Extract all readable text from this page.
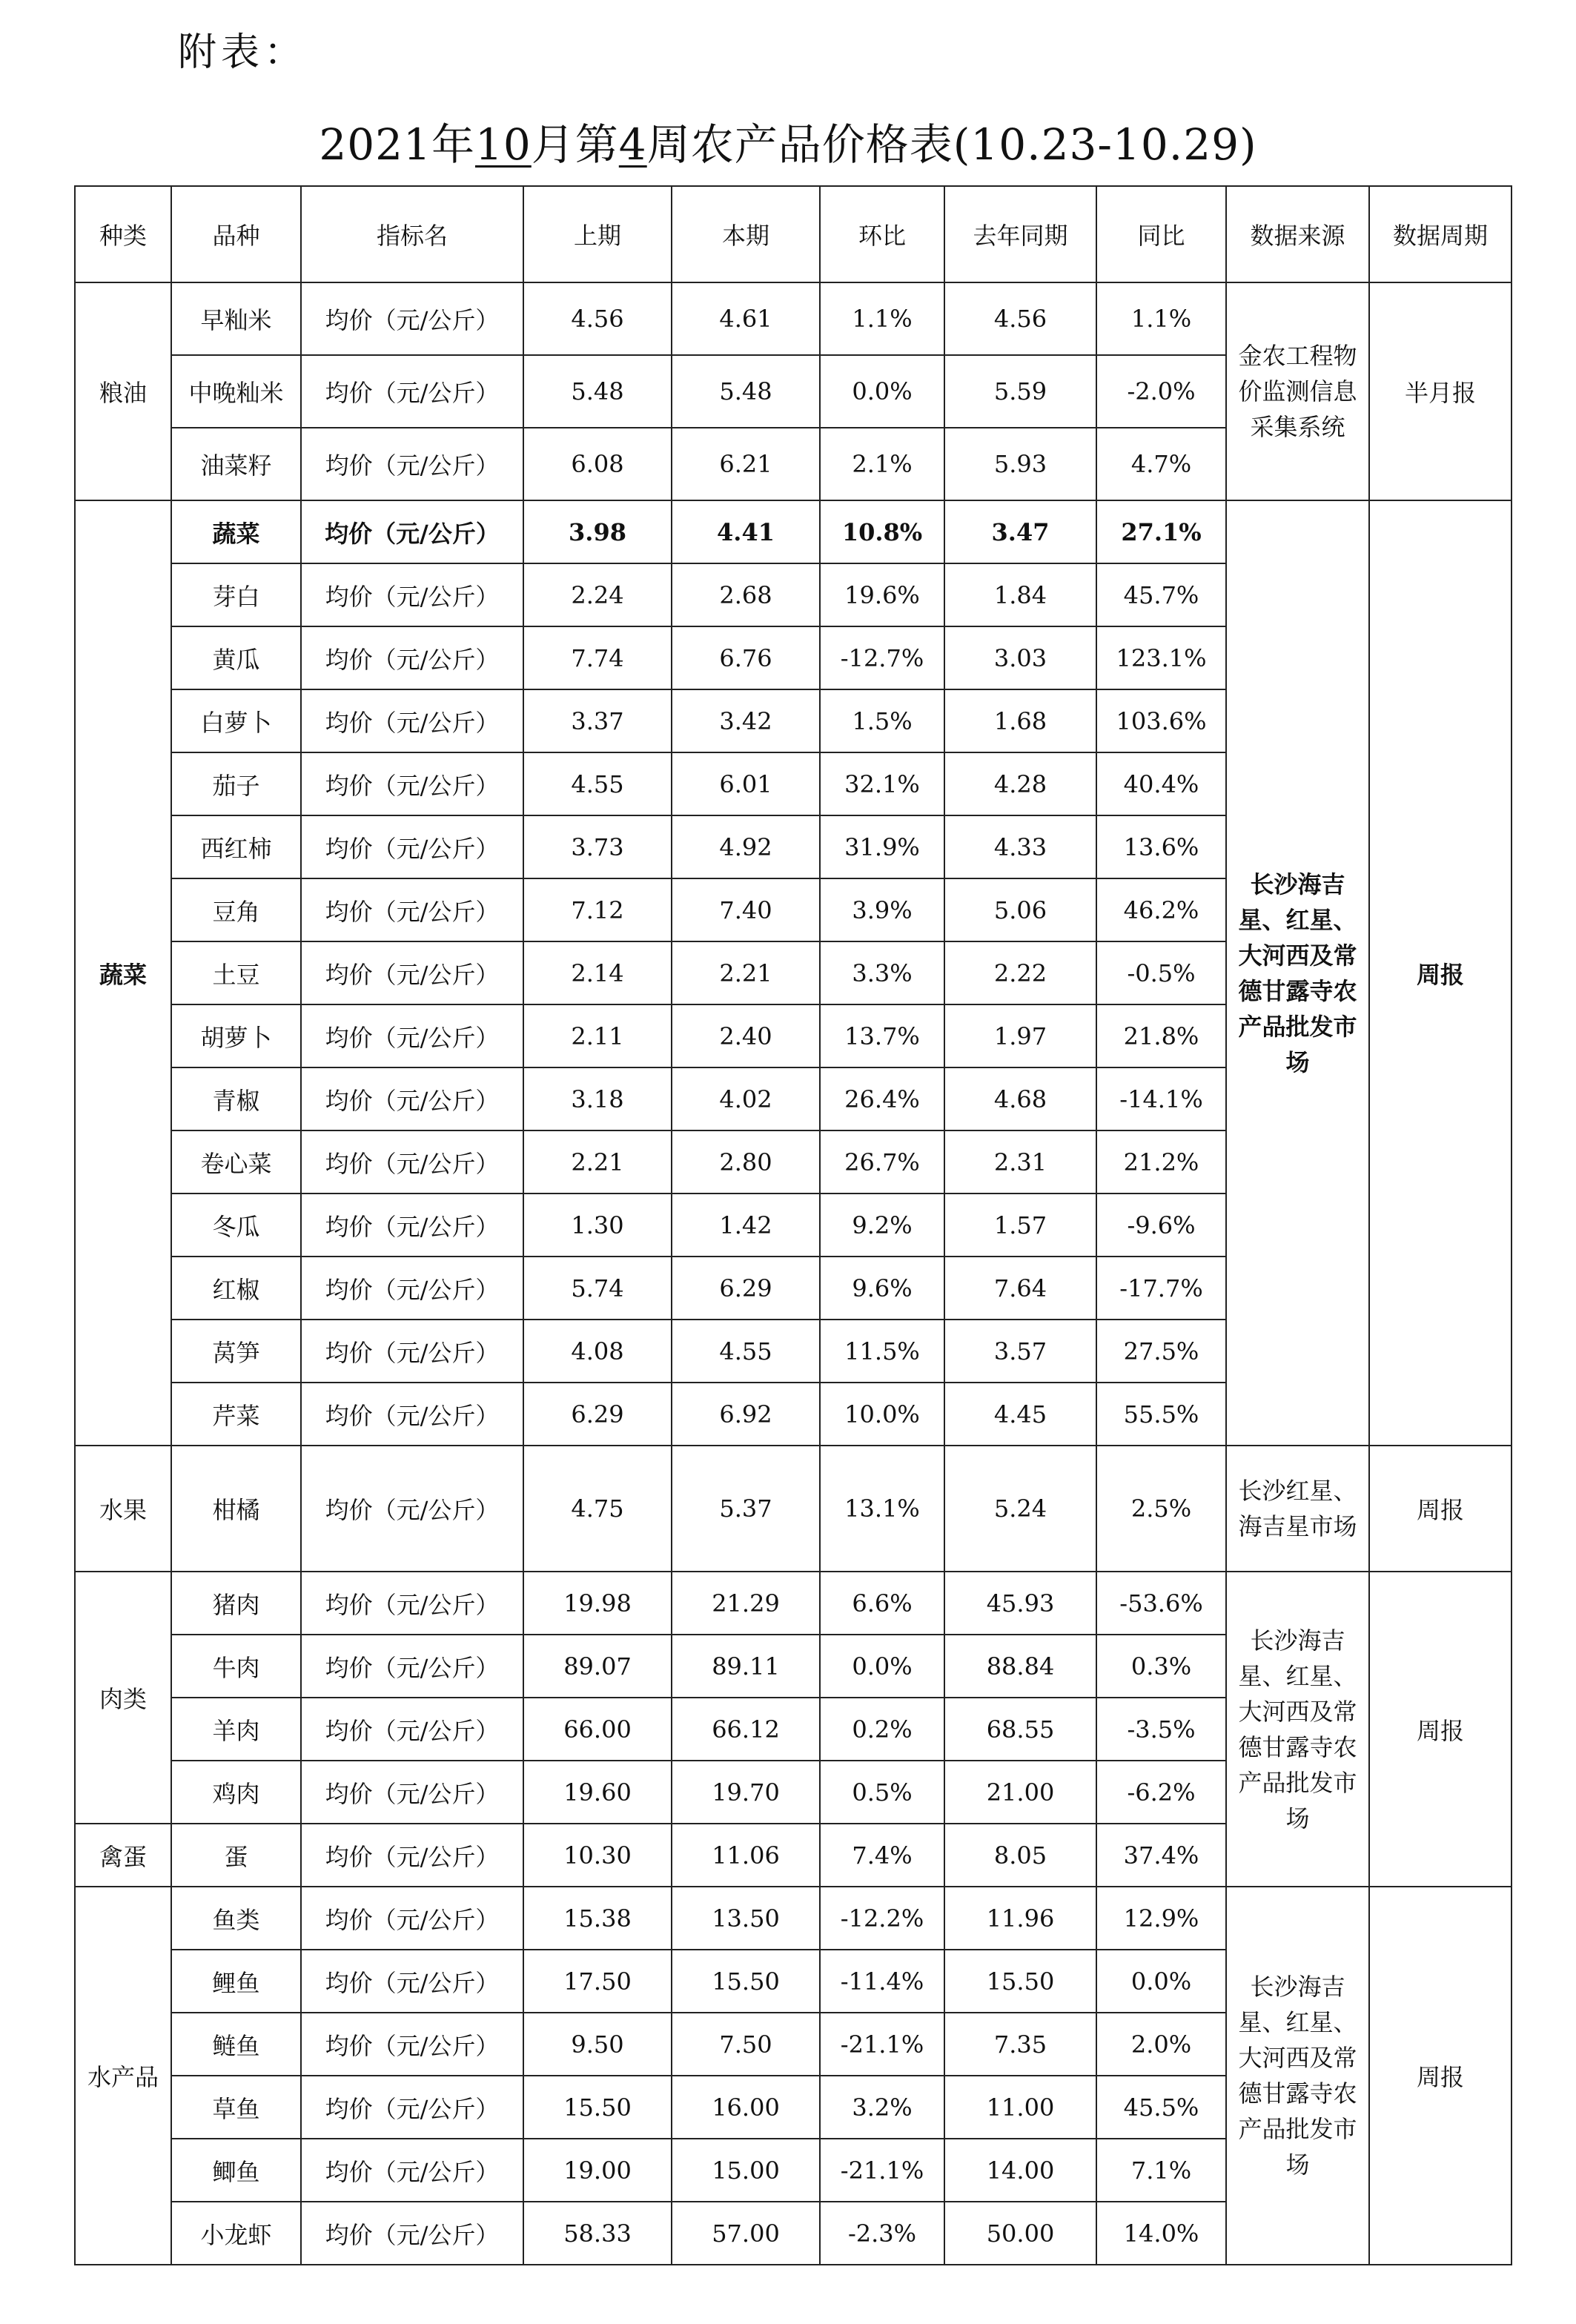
附表：
2021年10月第4周农产品价格表(10.23-10.29)
种类	品种	指标名	上期	本期	环比	去年同期	同比	数据来源	数据周期
粮油	早籼米	均价（元/公斤）	4.56	4.61	1.1%	4.56	1.1%	金农工程物价监测信息采集系统	半月报
	中晚籼米	均价（元/公斤）	5.48	5.48	0.0%	5.59	-2.0%		
	油菜籽	均价（元/公斤）	6.08	6.21	2.1%	5.93	4.7%		
蔬菜	蔬菜	均价（元/公斤）	3.98	4.41	10.8%	3.47	27.1%	长沙海吉星、红星、大河西及常德甘露寺农产品批发市场	周报
	芽白	均价（元/公斤）	2.24	2.68	19.6%	1.84	45.7%		
	黄瓜	均价（元/公斤）	7.74	6.76	-12.7%	3.03	123.1%		
	白萝卜	均价（元/公斤）	3.37	3.42	1.5%	1.68	103.6%		
	茄子	均价（元/公斤）	4.55	6.01	32.1%	4.28	40.4%		
	西红柿	均价（元/公斤）	3.73	4.92	31.9%	4.33	13.6%		
	豆角	均价（元/公斤）	7.12	7.40	3.9%	5.06	46.2%		
	土豆	均价（元/公斤）	2.14	2.21	3.3%	2.22	-0.5%		
	胡萝卜	均价（元/公斤）	2.11	2.40	13.7%	1.97	21.8%		
	青椒	均价（元/公斤）	3.18	4.02	26.4%	4.68	-14.1%		
	卷心菜	均价（元/公斤）	2.21	2.80	26.7%	2.31	21.2%		
	冬瓜	均价（元/公斤）	1.30	1.42	9.2%	1.57	-9.6%		
	红椒	均价（元/公斤）	5.74	6.29	9.6%	7.64	-17.7%		
	莴笋	均价（元/公斤）	4.08	4.55	11.5%	3.57	27.5%		
	芹菜	均价（元/公斤）	6.29	6.92	10.0%	4.45	55.5%		
水果	柑橘	均价（元/公斤）	4.75	5.37	13.1%	5.24	2.5%	长沙红星、海吉星市场	周报
肉类	猪肉	均价（元/公斤）	19.98	21.29	6.6%	45.93	-53.6%	长沙海吉星、红星、大河西及常德甘露寺农产品批发市场	周报
	牛肉	均价（元/公斤）	89.07	89.11	0.0%	88.84	0.3%		
	羊肉	均价（元/公斤）	66.00	66.12	0.2%	68.55	-3.5%		
	鸡肉	均价（元/公斤）	19.60	19.70	0.5%	21.00	-6.2%		
禽蛋	蛋	均价（元/公斤）	10.30	11.06	7.4%	8.05	37.4%		
水产品	鱼类	均价（元/公斤）	15.38	13.50	-12.2%	11.96	12.9%	长沙海吉星、红星、大河西及常德甘露寺农产品批发市场	周报
	鲤鱼	均价（元/公斤）	17.50	15.50	-11.4%	15.50	0.0%		
	鲢鱼	均价（元/公斤）	9.50	7.50	-21.1%	7.35	2.0%		
	草鱼	均价（元/公斤）	15.50	16.00	3.2%	11.00	45.5%		
	鲫鱼	均价（元/公斤）	19.00	15.00	-21.1%	14.00	7.1%		
	小龙虾	均价（元/公斤）	58.33	57.00	-2.3%	50.00	14.0%		
